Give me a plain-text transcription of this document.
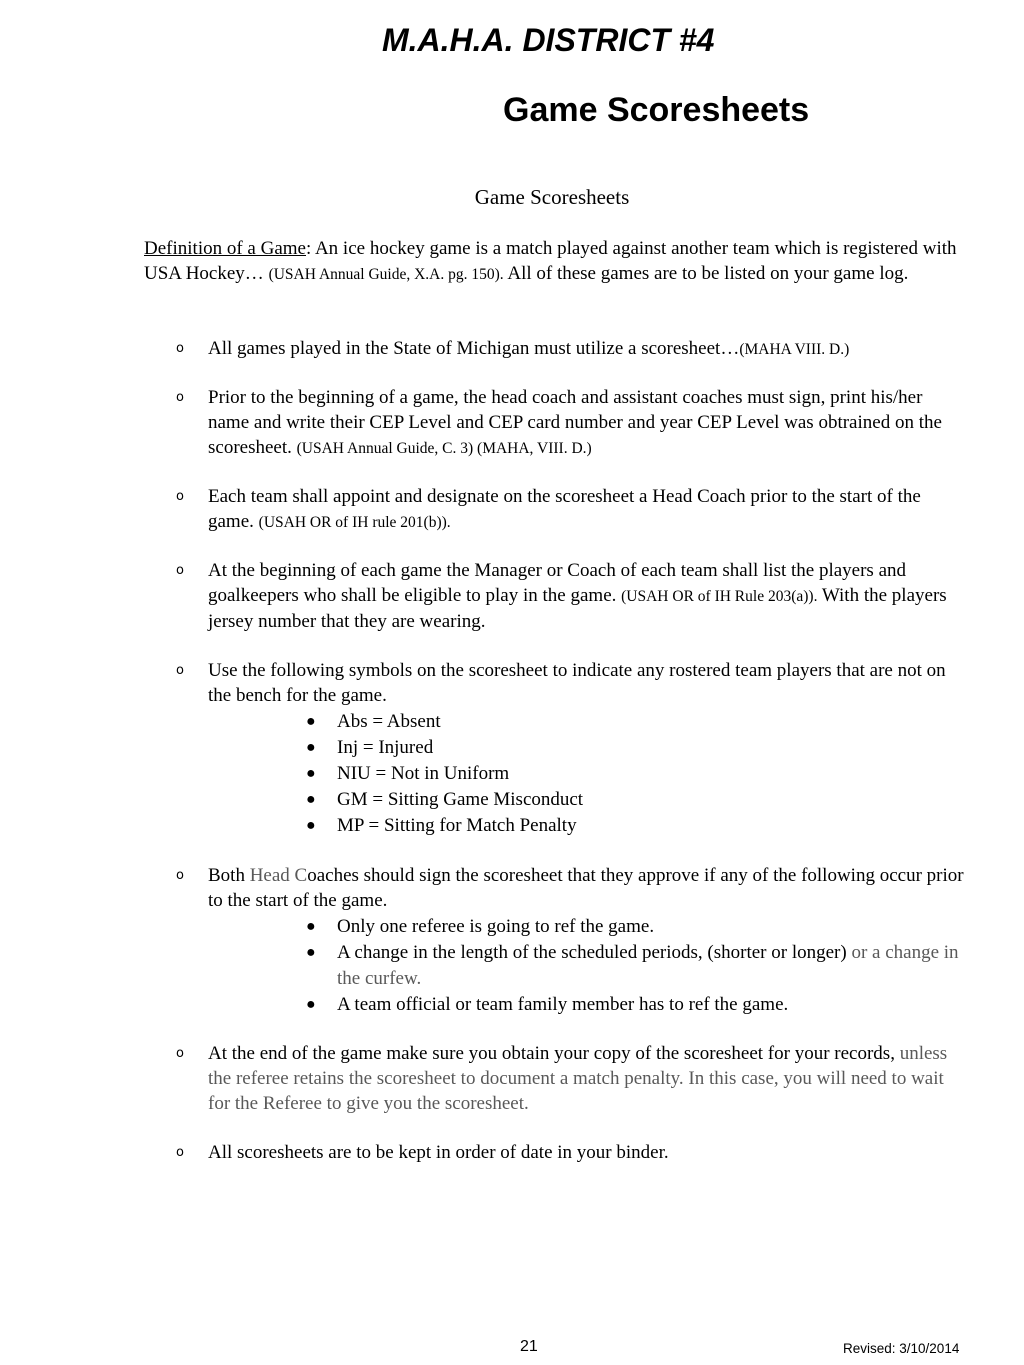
M.A.H.A. DISTRICT #4
Game Scoresheets
Game Scoresheets
Definition of a Game: An ice hockey game is a match played against another team which is registered with USA Hockey… (USAH Annual Guide, X.A. pg. 150). All of these games are to be listed on your game log.
o All games played in the State of Michigan must utilize a scoresheet…(MAHA VIII. D.)
o Prior to the beginning of a game, the head coach and assistant coaches must sign, print his/her name and write their CEP Level and CEP card number and year CEP Level was obtrained on the scoresheet. (USAH Annual Guide, C. 3) (MAHA, VIII. D.)
o Each team shall appoint and designate on the scoresheet a Head Coach prior to the start of the game. (USAH OR of IH rule 201(b)).
o At the beginning of each game the Manager or Coach of each team shall list the players and goalkeepers who shall be eligible to play in the game. (USAH OR of IH Rule 203(a)). With the players jersey number that they are wearing.
o Use the following symbols on the scoresheet to indicate any rostered team players that are not on the bench for the game.
● Abs = Absent
● Inj = Injured
● NIU = Not in Uniform
● GM = Sitting Game Misconduct
● MP = Sitting for Match Penalty
o Both Head Coaches should sign the scoresheet that they approve if any of the following occur prior to the start of the game.
● Only one referee is going to ref the game.
● A change in the length of the scheduled periods, (shorter or longer) or a change in the curfew.
● A team official or team family member has to ref the game.
o At the end of the game make sure you obtain your copy of the scoresheet for your records, unless the referee retains the scoresheet to document a match penalty. In this case, you will need to wait for the Referee to give you the scoresheet.
o All scoresheets are to be kept in order of date in your binder.
21	Revised: 3/10/2014
